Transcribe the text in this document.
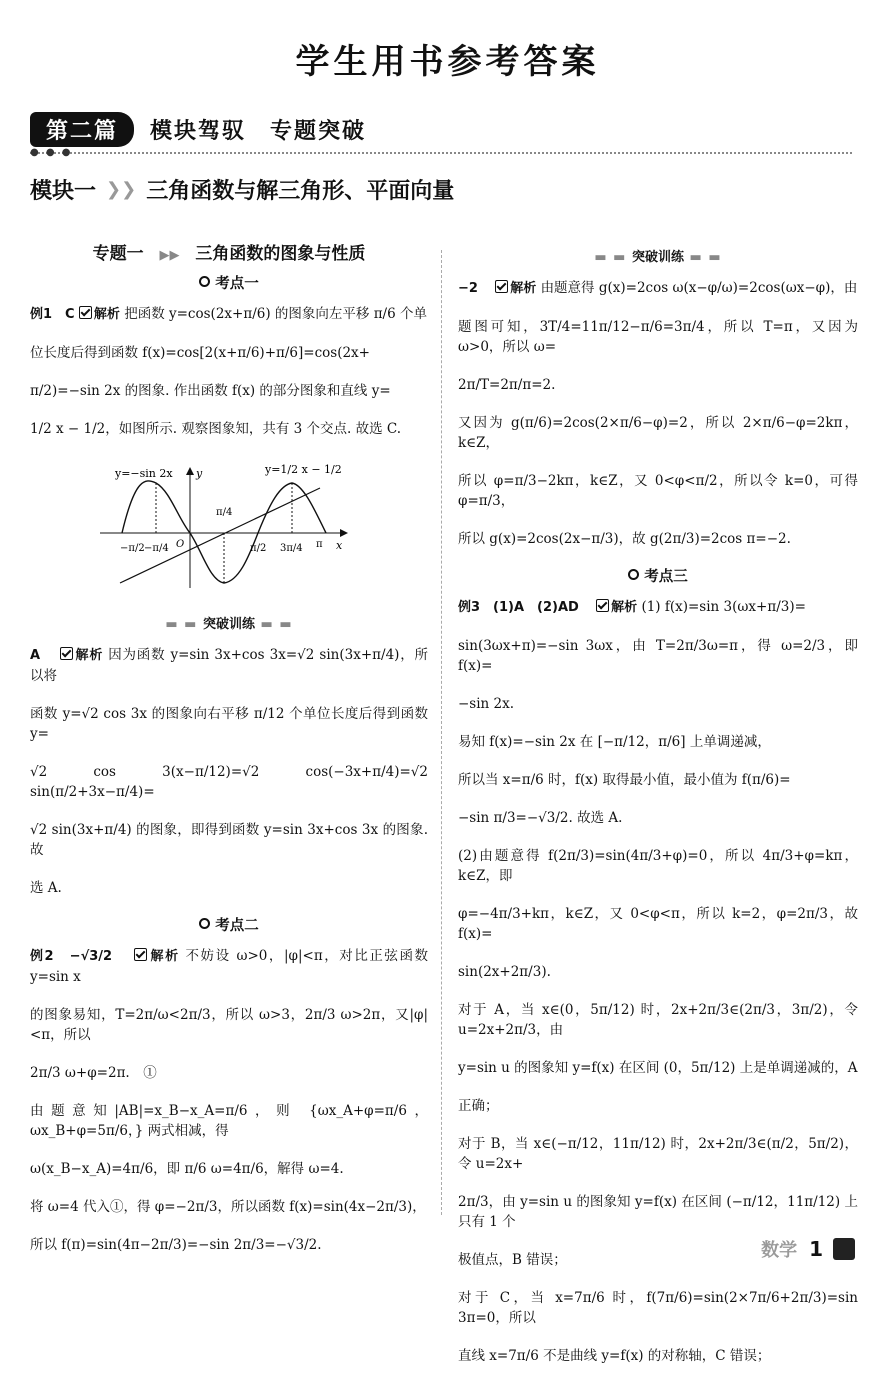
学生用书参考答案
第二篇	模块驾驭　专题突破
● ● ●
模块一 ❯❯ 三角函数与解三角形、平面向量
专题一 ▶▶ 三角函数的图象与性质
考点一

例1　C 解析 把函数 y=cos(2x+π/6) 的图象向左平移 π/6 个单

位长度后得到函数 f(x)=cos[2(x+π/6)+π/6]=cos(2x+

π/2)=−sin 2x 的图象. 作出函数 f(x) 的部分图象和直线 y=

1/2 x − 1/2，如图所示. 观察图象知，共有 3 个交点. 故选 C.

y=−sin 2x	y=1/2 x − 1/2
y
x
−π/2 −π/4 O
π/4
π/2 3π/4 π
▬ ▬ 突破训练 ▬ ▬

A　 解析 因为函数 y=sin 3x+cos 3x=√2 sin(3x+π/4)，所以将

函数 y=√2 cos 3x 的图象向右平移 π/12 个单位长度后得到函数 y=

√2 cos 3(x−π/12)=√2 cos(−3x+π/4)=√2 sin(π/2+3x−π/4)=

√2 sin(3x+π/4) 的图象，即得到函数 y=sin 3x+cos 3x 的图象. 故

选 A.

考点二

例2　−√3/2　 解析 不妨设 ω>0，|φ|<π，对比正弦函数 y=sin x

的图象易知，T=2π/ω<2π/3，所以 ω>3，2π/3 ω>2π，又|φ|<π，所以

2π/3 ω+φ=2π.　①

由题意知|AB|=x_B−x_A=π/6，则 {ωx_A+φ=π/6，ωx_B+φ=5π/6，} 两式相减，得

ω(x_B−x_A)=4π/6，即 π/6 ω=4π/6，解得 ω=4.

将 ω=4 代入①，得 φ=−2π/3，所以函数 f(x)=sin(4x−2π/3)，

所以 f(π)=sin(4π−2π/3)=−sin 2π/3=−√3/2.

▬ ▬ 突破训练 ▬ ▬

−2　 解析 由题意得 g(x)=2cos ω(x−φ/ω)=2cos(ωx−φ)，由

题图可知，3T/4=11π/12−π/6=3π/4，所以 T=π，又因为 ω>0，所以 ω=

2π/T=2π/π=2.

又因为 g(π/6)=2cos(2×π/6−φ)=2，所以 2×π/6−φ=2kπ，k∈Z，

所以 φ=π/3−2kπ，k∈Z，又 0<φ<π/2，所以令 k=0，可得 φ=π/3，

所以 g(x)=2cos(2x−π/3)，故 g(2π/3)=2cos π=−2.

考点三

例3　(1)A　(2)AD　 解析 (1) f(x)=sin 3(ωx+π/3)=

sin(3ωx+π)=−sin 3ωx，由 T=2π/3ω=π，得 ω=2/3，即 f(x)=

−sin 2x.

易知 f(x)=−sin 2x 在 [−π/12，π/6] 上单调递减，

所以当 x=π/6 时，f(x) 取得最小值，最小值为 f(π/6)=

−sin π/3=−√3/2. 故选 A.

(2)由题意得 f(2π/3)=sin(4π/3+φ)=0，所以 4π/3+φ=kπ，k∈Z，即

φ=−4π/3+kπ，k∈Z，又 0<φ<π，所以 k=2，φ=2π/3，故 f(x)=

sin(2x+2π/3).

对于 A，当 x∈(0，5π/12) 时，2x+2π/3∈(2π/3，3π/2)，令 u=2x+2π/3，由

y=sin u 的图象知 y=f(x) 在区间 (0，5π/12) 上是单调递减的，A

正确；

对于 B，当 x∈(−π/12，11π/12) 时，2x+2π/3∈(π/2，5π/2)，令 u=2x+

2π/3，由 y=sin u 的图象知 y=f(x) 在区间 (−π/12，11π/12) 上只有 1 个

极值点，B 错误；

对于 C，当 x=7π/6 时，f(7π/6)=sin(2×7π/6+2π/3)=sin 3π=0，所以

直线 x=7π/6 不是曲线 y=f(x) 的对称轴，C 错误；

数学 1
